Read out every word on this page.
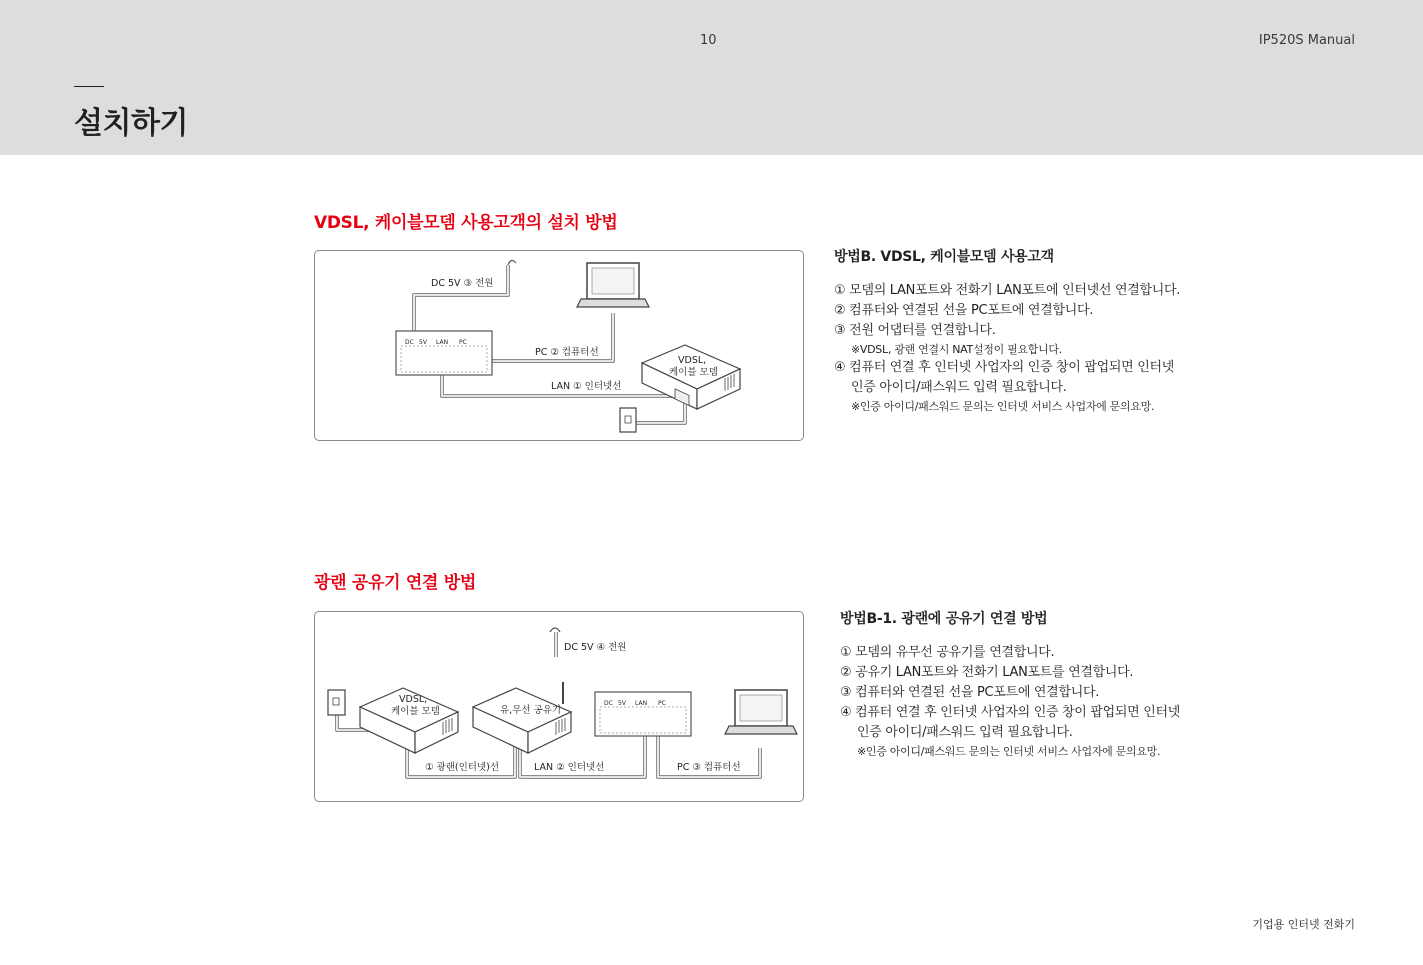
10	IP520S Manual
설치하기
VDSL, 케이블모뎀 사용고객의 설치 방법
DC 5V LAN PC
VDSL,
케이블 모뎀
DC 5V ③ 전원
PC ② 컴퓨터선
LAN ① 인터넷선
방법B. VDSL, 케이블모뎀 사용고객
① 모뎀의 LAN포트와 전화기 LAN포트에 인터넷선 연결합니다.
② 컴퓨터와 연결된 선을 PC포트에 연결합니다.
③ 전원 어댑터를 연결합니다.
※VDSL, 광랜 연결시 NAT설정이 필요합니다.
④ 컴퓨터 연결 후 인터넷 사업자의 인증 창이 팝업되면 인터넷
인증 아이디/패스워드 입력 필요합니다.
※인증 아이디/패스워드 문의는 인터넷 서비스 사업자에 문의요망.
광랜 공유기 연결 방법
VDSL,
케이블 모뎀	유,무선 공유기
DC 5V LAN PC
DC 5V ④ 전원
① 광랜(인터넷)선	LAN ② 인터넷선	PC ③ 컴퓨터선
방법B-1. 광랜에 공유기 연결 방법
① 모뎀의 유무선 공유기를 연결합니다.
② 공유기 LAN포트와 전화기 LAN포트를 연결합니다.
③ 컴퓨터와 연결된 선을 PC포트에 연결합니다.
④ 컴퓨터 연결 후 인터넷 사업자의 인증 창이 팝업되면 인터넷
인증 아이디/패스워드 입력 필요합니다.
※인증 아이디/패스워드 문의는 인터넷 서비스 사업자에 문의요망.
기업용 인터넷 전화기
